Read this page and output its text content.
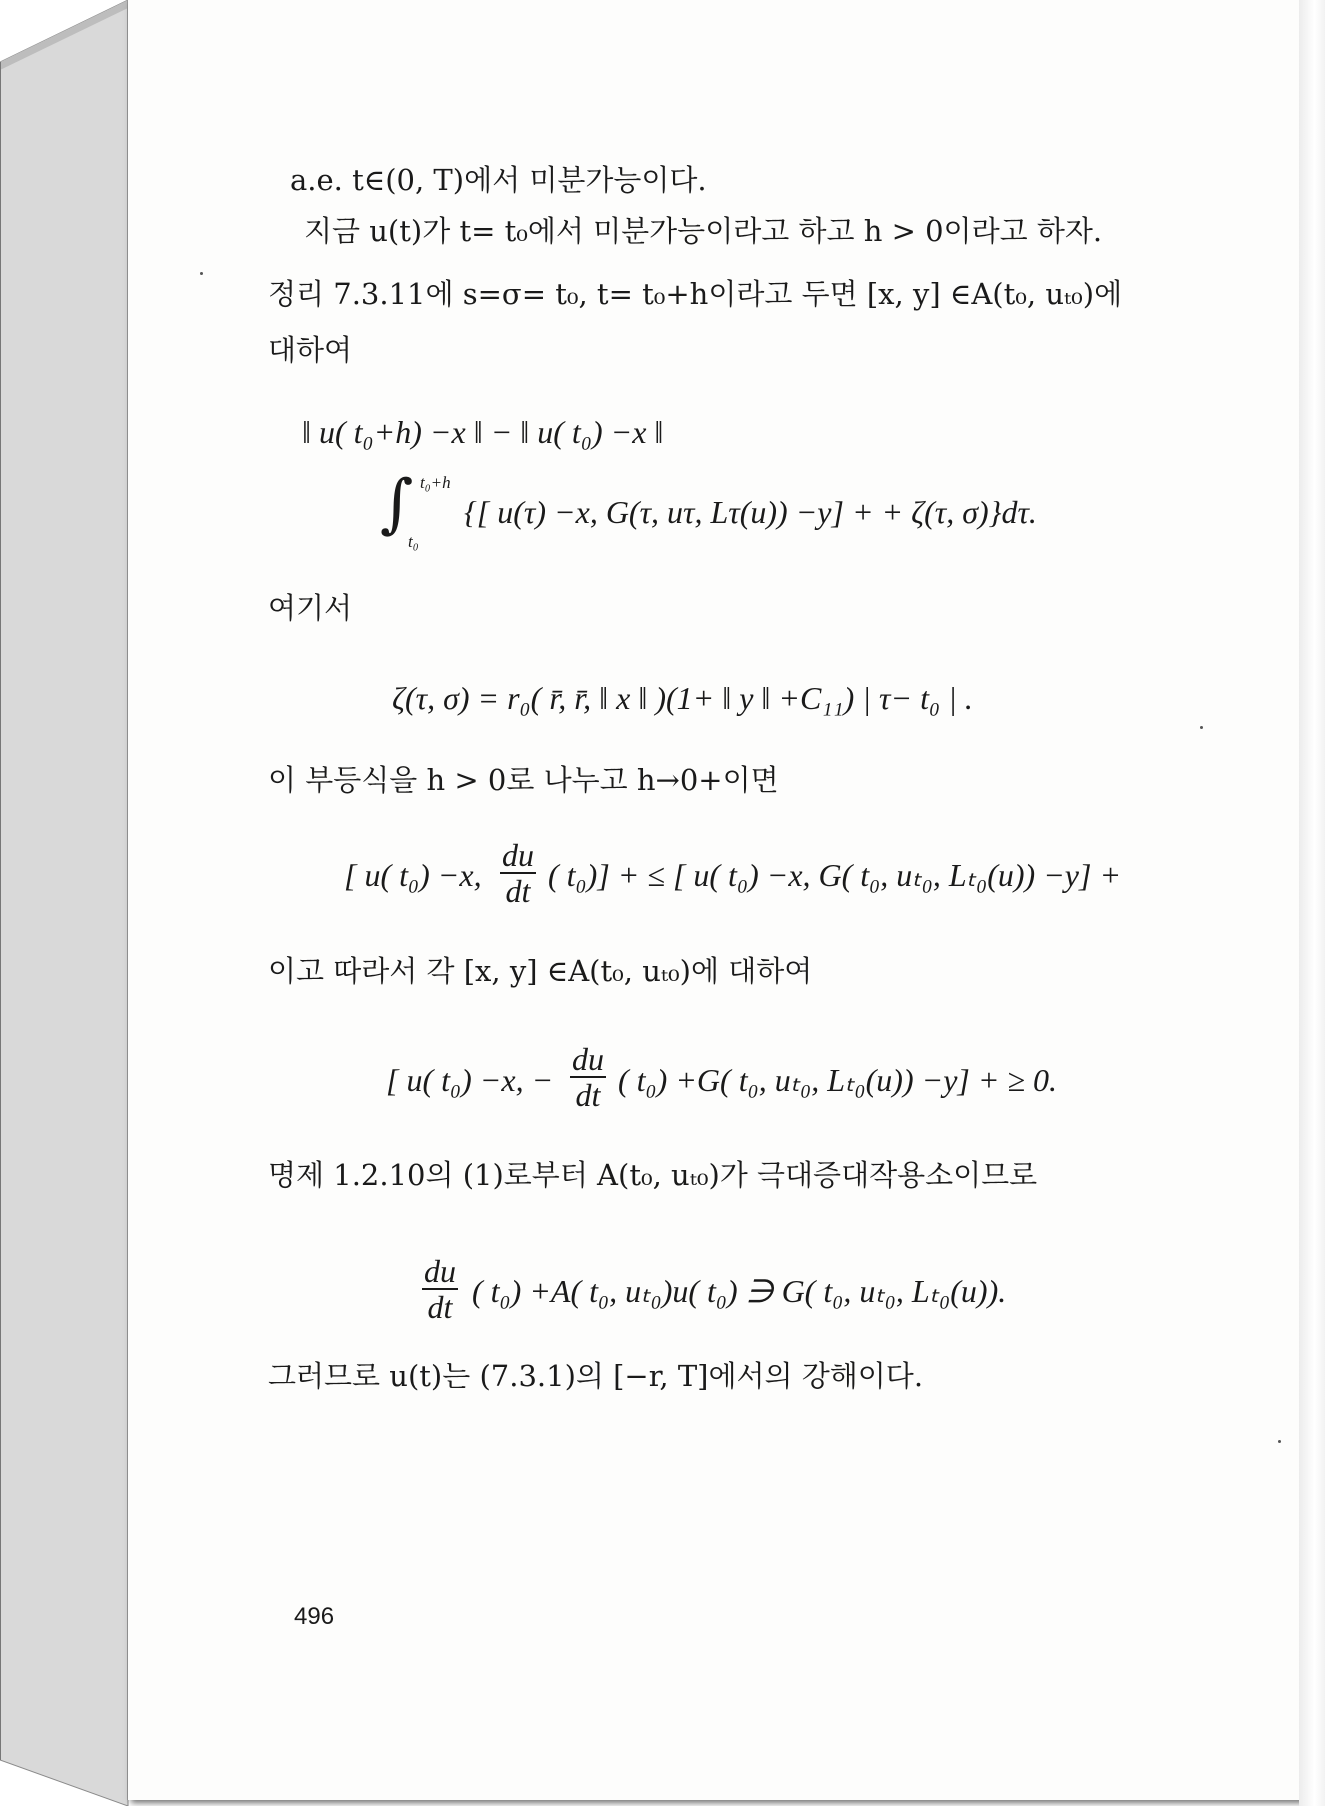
a.e. t∈(0, T)에서 미분가능이다.
지금 u(t)가 t= t₀에서 미분가능이라고 하고 h > 0이라고 하자.
정리 7.3.11에 s=σ= t₀, t= t₀+h이라고 두면 [x, y] ∈A(t₀, uₜ₀)에
대하여
‖ u( t₀+h) −x ‖ − ‖ u( t₀) −x ‖
∫ t₀+h
t₀
{[ u(τ) −x, G(τ, uτ, Lτ(u)) −y] + + ζ(τ, σ)}dτ.
여기서
ζ(τ, σ) = r₀( r̄, r̄, ‖ x ‖ )(1+ ‖ y ‖ +C₁₁) | τ− t₀ | .
이 부등식을 h > 0로 나누고 h→0+이면
[ u( t₀) −x, $\frac{du}{dt}$ ( t₀)] + ≤ [ u( t₀) −x, G( t₀, uₜ₀, Lₜ₀(u)) −y] +
이고 따라서 각 [x, y] ∈A(t₀, uₜ₀)에 대하여
[ u( t₀) −x, − $\frac{du}{dt}$ ( t₀) +G( t₀, uₜ₀, Lₜ₀(u)) −y] + ≥ 0.
명제 1.2.10의 (1)로부터 A(t₀, uₜ₀)가 극대증대작용소이므로
$\frac{du}{dt}$ ( t₀) +A( t₀, uₜ₀)u( t₀) ∋ G( t₀, uₜ₀, Lₜ₀(u)).
그러므로 u(t)는 (7.3.1)의 [−r, T]에서의 강해이다.
496
